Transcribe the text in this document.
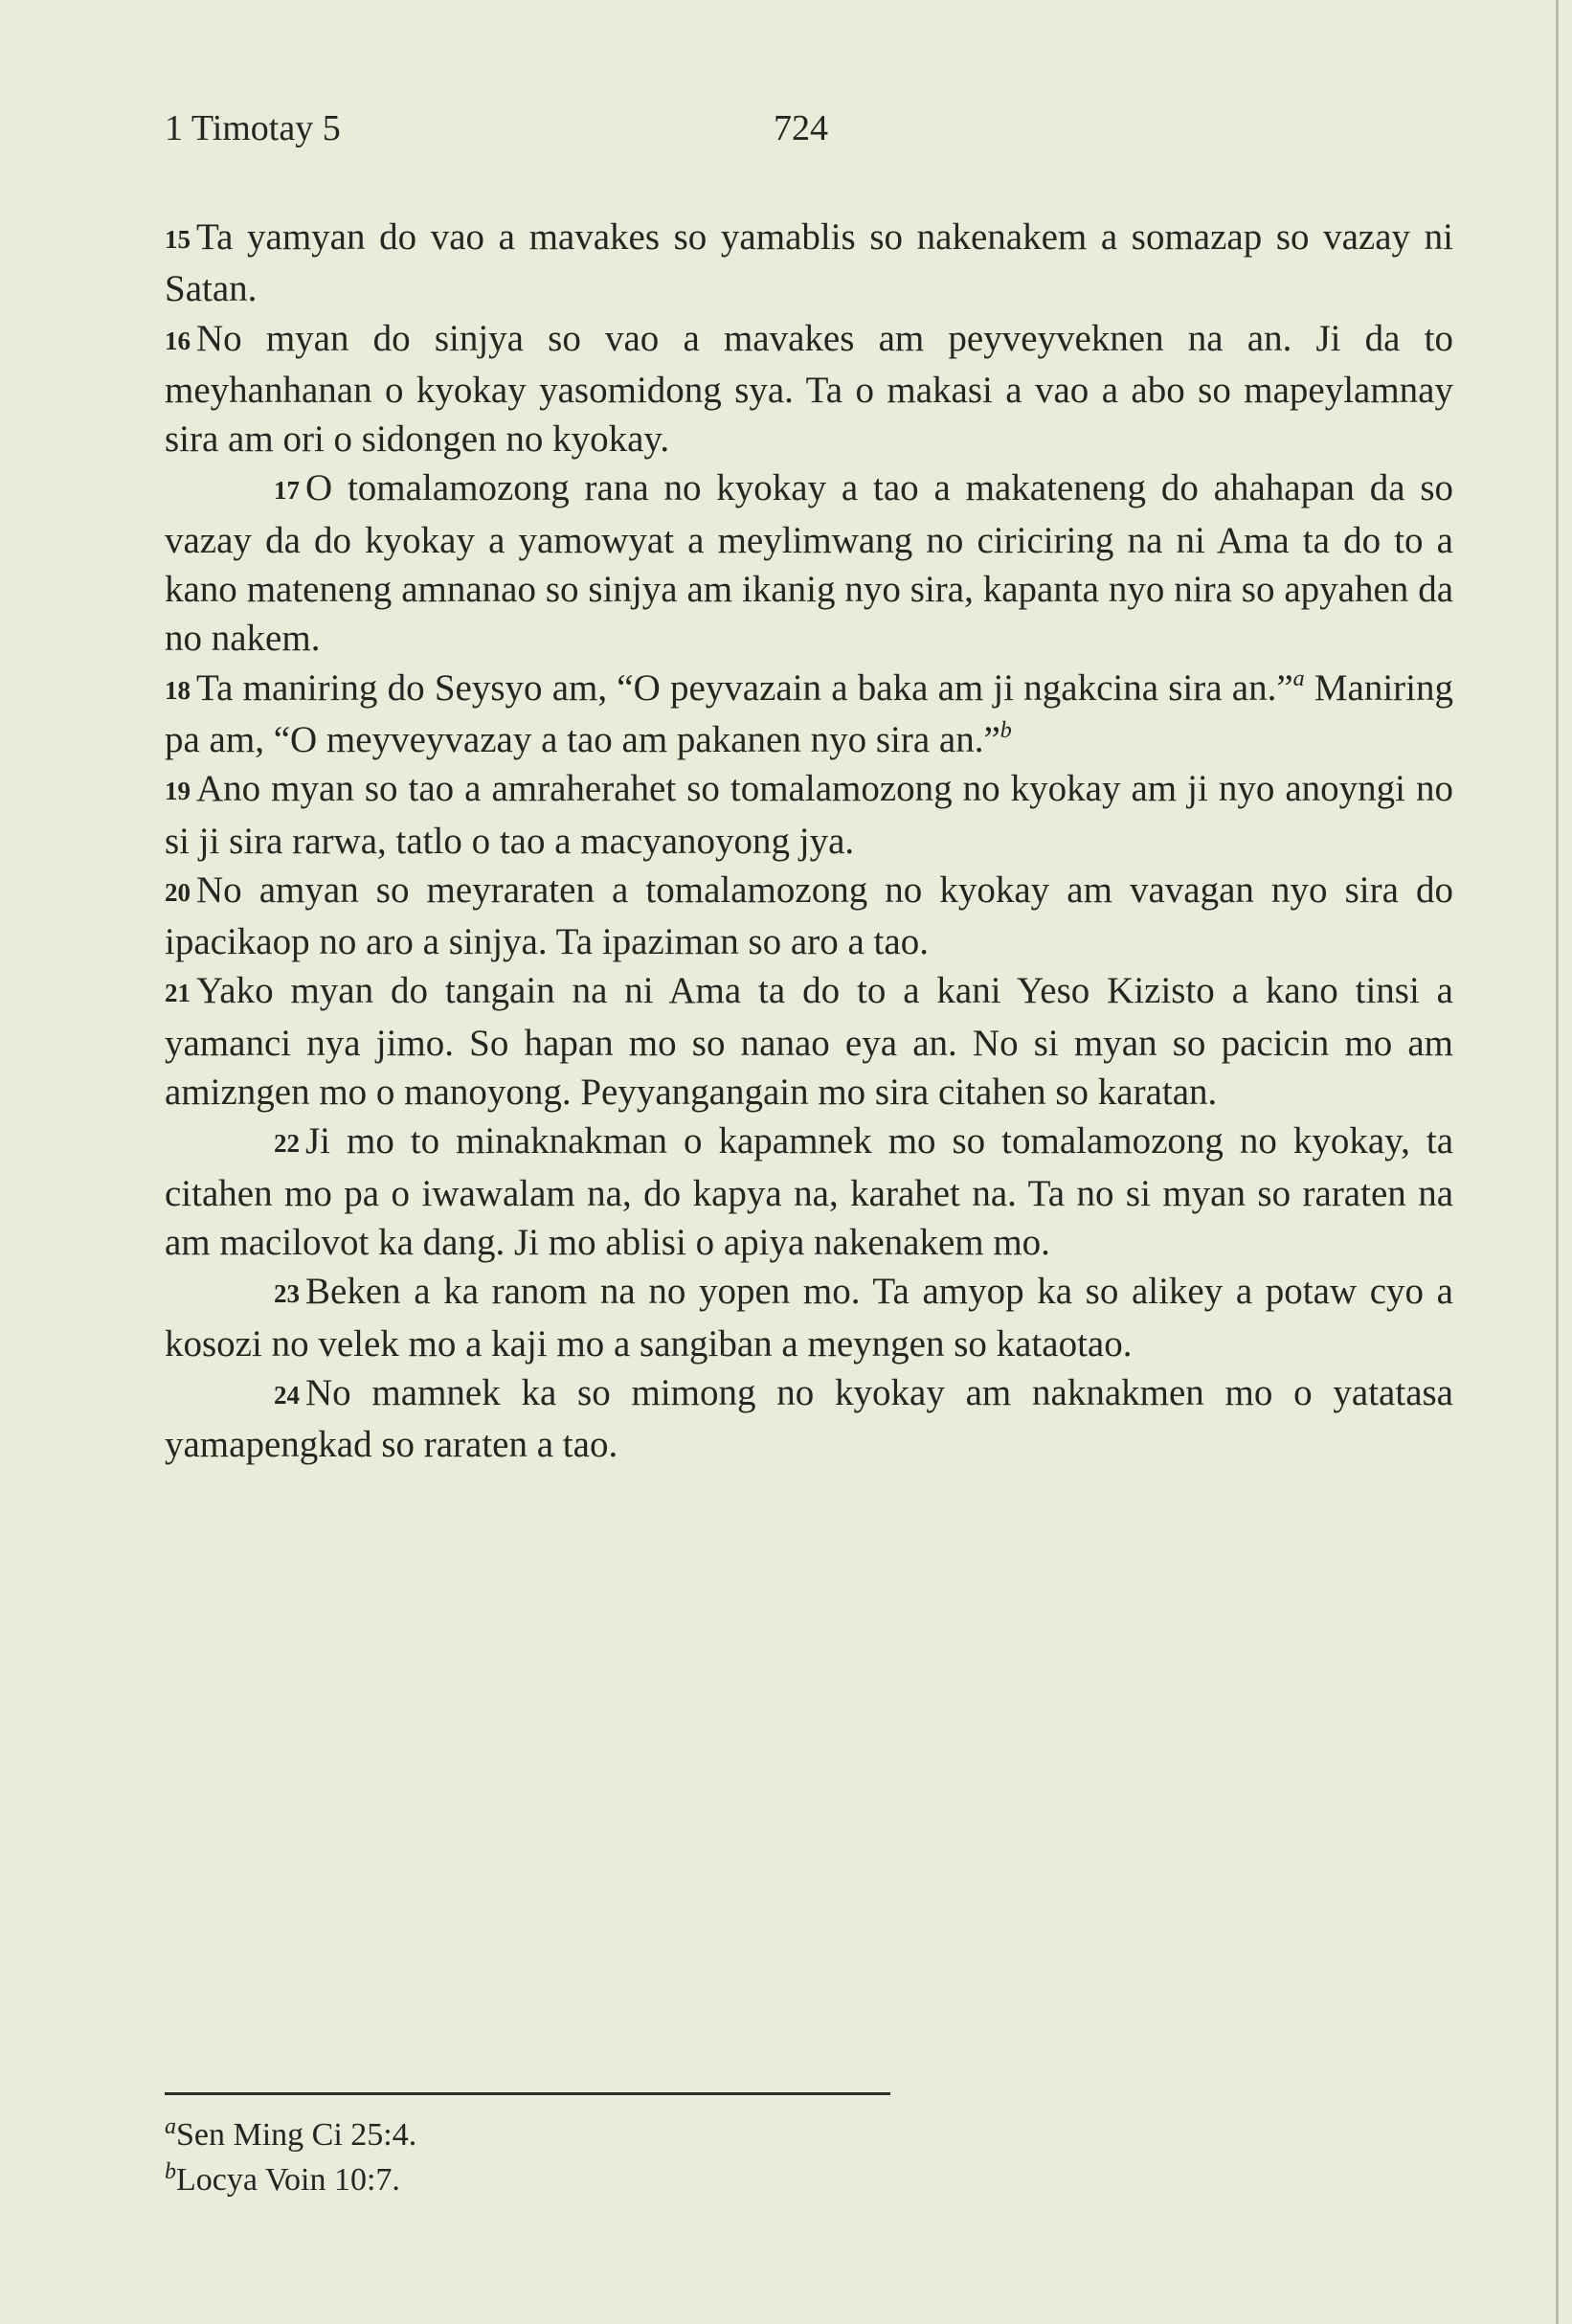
1 Timotay 5	724

15 Ta yamyan do vao a mavakes so yamablis so nakenakem a somazap so vazay ni Satan.

16 No myan do sinjya so vao a mavakes am peyveyveknen na an. Ji da to meyhanhanan o kyokay yasomidong sya. Ta o makasi a vao a abo so mapeylamnay sira am ori o sidongen no kyokay.

17 O tomalamozong rana no kyokay a tao a makateneng do ahahapan da so vazay da do kyokay a yamowyat a meylimwang no ciriciring na ni Ama ta do to a kano mateneng amnanao so sinjya am ikanig nyo sira, kapanta nyo nira so apyahen da no nakem.

18 Ta maniring do Seysyo am, “O peyvazain a baka am ji ngakcina sira an.”$^a$ Maniring pa am, “O meyveyvazay a tao am pakanen nyo sira an.”$^b$

19 Ano myan so tao a amraherahet so tomalamozong no kyokay am ji nyo anoyngi no si ji sira rarwa, tatlo o tao a macyanoyong jya.

20 No amyan so meyraraten a tomalamozong no kyokay am vavagan nyo sira do ipacikaop no aro a sinjya. Ta ipaziman so aro a tao.

21 Yako myan do tangain na ni Ama ta do to a kani Yeso Kizisto a kano tinsi a yamanci nya jimo. So hapan mo so nanao eya an. No si myan so pacicin mo am amizngen mo o manoyong. Peyyangangain mo sira citahen so karatan.

22 Ji mo to minaknakman o kapamnek mo so tomalamozong no kyokay, ta citahen mo pa o iwawalam na, do kapya na, karahet na. Ta no si myan so raraten na am macilovot ka dang. Ji mo ablisi o apiya nakenakem mo.

23 Beken a ka ranom na no yopen mo. Ta amyop ka so alikey a potaw cyo a kosozi no velek mo a kaji mo a sangiban a meyngen so kataotao.

24 No mamnek ka so mimong no kyokay am naknakmen mo o yatatasa yamapengkad so raraten a tao.

$^a$Sen Ming Ci 25:4.

$^b$Locya Voin 10:7.
